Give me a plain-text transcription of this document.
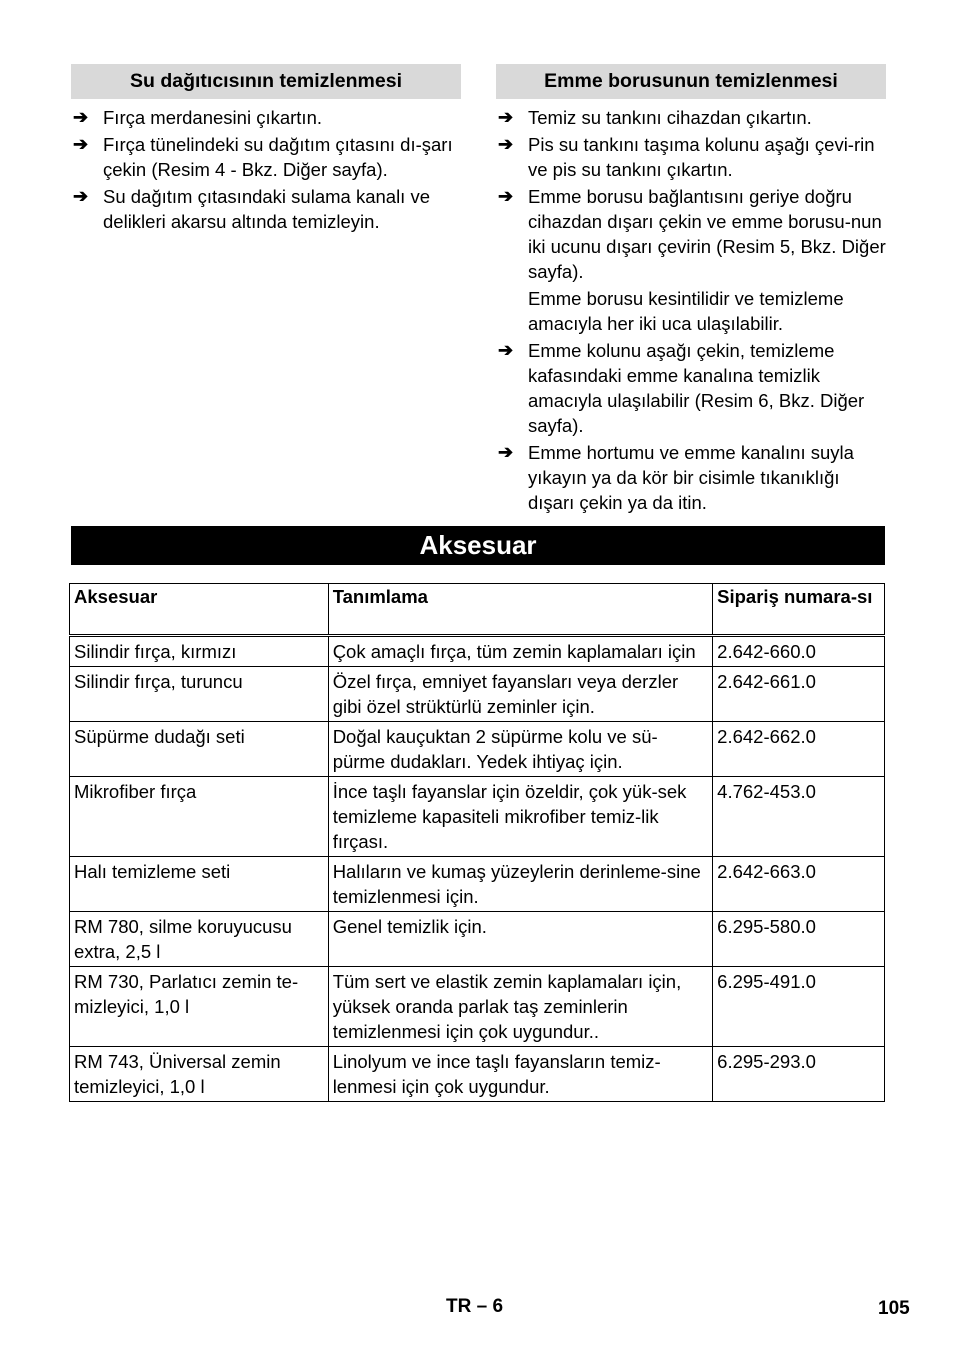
Su dağıtıcısının temizlenmesi
➔ Fırça merdanesini çıkartın.
➔ Fırça tünelindeki su dağıtım çıtasını dı-şarı çekin (Resim 4 - Bkz. Diğer sayfa).
➔ Su dağıtım çıtasındaki sulama kanalı ve delikleri akarsu altında temizleyin.
Emme borusunun temizlenmesi
➔ Temiz su tankını cihazdan çıkartın.
➔ Pis su tankını taşıma kolunu aşağı çevi-rin ve pis su tankını çıkartın.
➔ Emme borusu bağlantısını geriye doğru cihazdan dışarı çekin ve emme borusu-nun iki ucunu dışarı çevirin (Resim 5, Bkz. Diğer sayfa).
Emme borusu kesintilidir ve temizleme amacıyla her iki uca ulaşılabilir.
➔ Emme kolunu aşağı çekin, temizleme kafasındaki emme kanalına temizlik amacıyla ulaşılabilir (Resim 6, Bkz. Diğer sayfa).
➔ Emme hortumu ve emme kanalını suyla yıkayın ya da kör bir cisimle tıkanıklığı dışarı çekin ya da itin.
Aksesuar
Aksesuar	Tanımlama	Sipariş numara-sı
Silindir fırça, kırmızı	Çok amaçlı fırça, tüm zemin kaplamaları için	2.642-660.0
Silindir fırça, turuncu	Özel fırça, emniyet fayansları veya derzler gibi özel strüktürlü zeminler için.	2.642-661.0
Süpürme dudağı seti	Doğal kauçuktan 2 süpürme kolu ve sü-pürme dudakları. Yedek ihtiyaç için.	2.642-662.0
Mikrofiber fırça	İnce taşlı fayanslar için özeldir, çok yük-sek temizleme kapasiteli mikrofiber temiz-lik fırçası.	4.762-453.0
Halı temizleme seti	Halıların ve kumaş yüzeylerin derinleme-sine temizlenmesi için.	2.642-663.0
RM 780, silme koruyucusu extra, 2,5 l	Genel temizlik için.	6.295-580.0
RM 730, Parlatıcı zemin te-mizleyici, 1,0 l	Tüm sert ve elastik zemin kaplamaları için, yüksek oranda parlak taş zeminlerin temizlenmesi için çok uygundur..	6.295-491.0
RM 743, Üniversal zemin temizleyici, 1,0 l	Linolyum ve ince taşlı fayansların temiz-lenmesi için çok uygundur.	6.295-293.0
TR – 6	105
